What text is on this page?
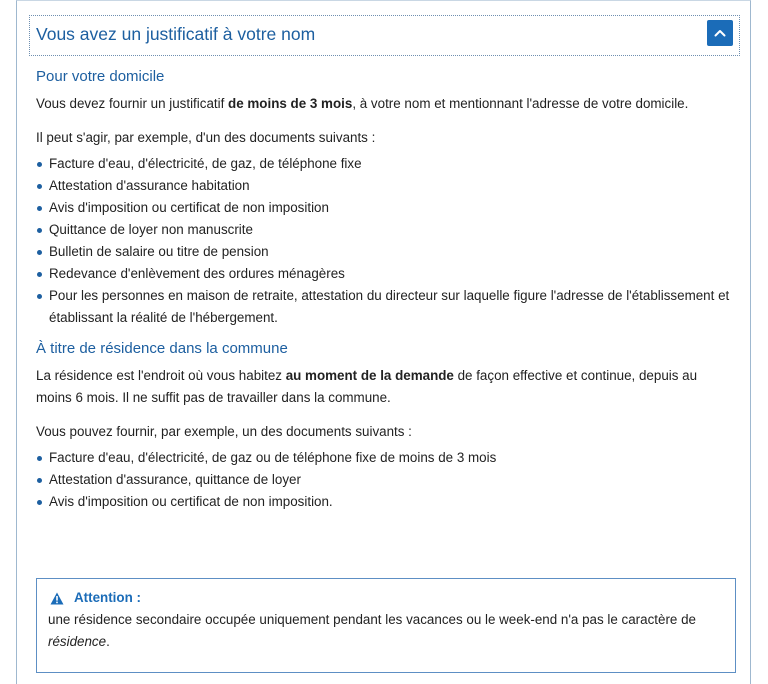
Vous avez un justificatif à votre nom
Pour votre domicile

Vous devez fournir un justificatif de moins de 3 mois, à votre nom et mentionnant l'adresse de votre domicile.

Il peut s'agir, par exemple, d'un des documents suivants :

Facture d'eau, d'électricité, de gaz, de téléphone fixe
Attestation d'assurance habitation
Avis d'imposition ou certificat de non imposition
Quittance de loyer non manuscrite
Bulletin de salaire ou titre de pension
Redevance d'enlèvement des ordures ménagères
Pour les personnes en maison de retraite, attestation du directeur sur laquelle figure l'adresse de l'établissement et établissant la réalité de l'hébergement.
À titre de résidence dans la commune

La résidence est l'endroit où vous habitez au moment de la demande de façon effective et continue, depuis au moins 6 mois. Il ne suffit pas de travailler dans la commune.

Vous pouvez fournir, par exemple, un des documents suivants :

Facture d'eau, d'électricité, de gaz ou de téléphone fixe de moins de 3 mois
Attestation d'assurance, quittance de loyer
Avis d'imposition ou certificat de non imposition.
Attention :

une résidence secondaire occupée uniquement pendant les vacances ou le week-end n'a pas le caractère de résidence.
